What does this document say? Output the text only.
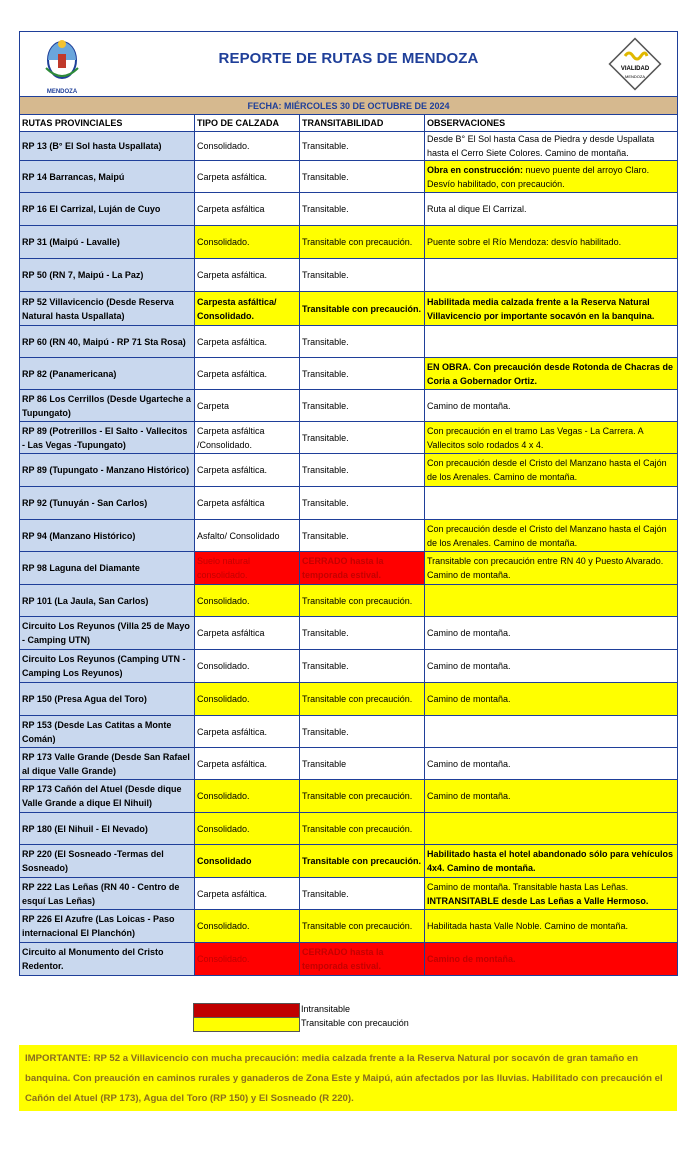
MENDOZA
REPORTE DE RUTAS DE MENDOZA
VIALIDAD
MENDOZA			

FECHA: MIÉRCOLES 30 DE OCTUBRE DE 2024			
RUTAS PROVINCIALES	TIPO DE CALZADA	TRANSITABILIDAD	OBSERVACIONES
RP 13 (B° El Sol hasta Uspallata)	Consolidado.	Transitable.	Desde B° El Sol hasta Casa de Piedra y desde Uspallata hasta el Cerro Siete Colores. Camino de montaña.
RP 14 Barrancas, Maipú	Carpeta asfáltica.	Transitable.	Obra en construcción: nuevo puente del arroyo Claro. Desvío habilitado, con precaución.
RP 16 El Carrizal, Luján de Cuyo	Carpeta asfáltica	Transitable.	Ruta al dique El Carrizal.
RP 31 (Maipú - Lavalle)	Consolidado.	Transitable con precaución.	Puente sobre el Río Mendoza: desvío habilitado.
RP 50 (RN 7, Maipú - La Paz)	Carpeta asfáltica.	Transitable.	
RP 52 Villavicencio (Desde Reserva Natural hasta Uspallata)	Carpesta asfáltica/ Consolidado.	Transitable con precaución.	Habilitada media calzada frente a la Reserva Natural Villavicencio por importante socavón en la banquina.
RP 60 (RN 40, Maipú - RP 71 Sta Rosa)	Carpeta asfáltica.	Transitable.	
RP 82 (Panamericana)	Carpeta asfáltica.	Transitable.	EN OBRA. Con precaución desde Rotonda de Chacras de Coria a Gobernador Ortiz.
RP 86 Los Cerrillos (Desde Ugarteche a Tupungato)	Carpeta	Transitable.	Camino de montaña.
RP 89 (Potrerillos - El Salto - Vallecitos - Las Vegas -Tupungato)	Carpeta asfáltica /Consolidado.	Transitable.	Con precaución en el tramo Las Vegas - La Carrera. A Vallecitos solo rodados 4 x 4.
RP 89 (Tupungato - Manzano Histórico)	Carpeta asfáltica.	Transitable.	Con precaución desde el Cristo del Manzano hasta el Cajón de los Arenales. Camino de montaña.
RP 92 (Tunuyán - San Carlos)	Carpeta asfáltica	Transitable.	
RP 94 (Manzano Histórico)	Asfalto/ Consolidado	Transitable.	Con precaución desde el Cristo del Manzano hasta el Cajón de los Arenales. Camino de montaña.
RP 98 Laguna del Diamante	Suelo natural consolidado.	CERRADO hasta la temporada estival.	Transitable con precaución entre RN 40 y Puesto Alvarado. Camino de montaña.
RP 101 (La Jaula, San Carlos)	Consolidado.	Transitable con precaución.	
Circuito Los Reyunos (Villa 25 de Mayo - Camping UTN)	Carpeta asfáltica	Transitable.	Camino de montaña.
Circuito Los Reyunos (Camping UTN - Camping Los Reyunos)	Consolidado.	Transitable.	Camino de montaña.
RP 150 (Presa Agua del Toro)	Consolidado.	Transitable con precaución.	Camino de montaña.
RP 153 (Desde Las Catitas a Monte Comán)	Carpeta asfáltica.	Transitable.	
RP 173 Valle Grande (Desde San Rafael al dique Valle Grande)	Carpeta asfáltica.	Transitable	Camino de montaña.
RP 173 Cañón del Atuel (Desde dique Valle Grande a dique El Nihuil)	Consolidado.	Transitable con precaución.	Camino de montaña.
RP 180 (El Nihuil - El Nevado)	Consolidado.	Transitable con precaución.	
RP 220 (El Sosneado -Termas del Sosneado)	Consolidado	Transitable con precaución.	Habilitado hasta el hotel abandonado sólo para vehículos 4x4. Camino de montaña.
RP 222 Las Leñas (RN 40 - Centro de esquí Las Leñas)	Carpeta asfáltica.	Transitable.	Camino de montaña. Transitable hasta Las Leñas.
INTRANSITABLE desde Las Leñas a Valle Hermoso.
RP 226 El Azufre (Las Loicas - Paso internacional El Planchón)	Consolidado.	Transitable con precaución.	Habilitada hasta Valle Noble. Camino de montaña.
Circuito al Monumento del Cristo Redentor.	Consolidado.	CERRADO hasta la temporada estival.	Camino de montaña.
Intransitable
Transitable con precaución
IMPORTANTE: RP 52 a Villavicencio con mucha precaución: media calzada frente a la Reserva Natural por socavón de gran tamaño en banquina. Con preaución en caminos rurales y ganaderos de Zona Este y Maipú, aún afectados por las lluvias. Habilitado con precaución el Cañón del Atuel (RP 173), Agua del Toro (RP 150) y El Sosneado (R 220).
